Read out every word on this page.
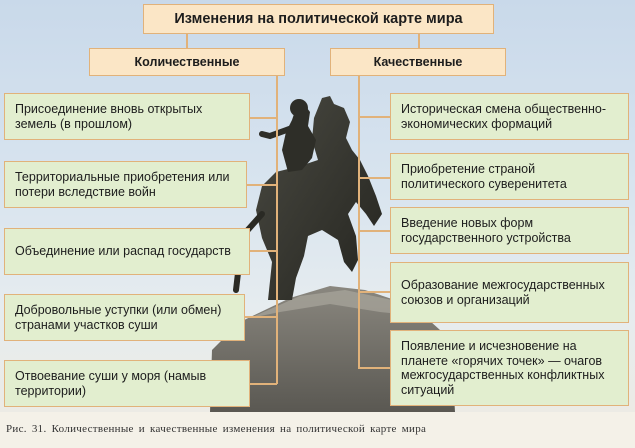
Изменения на политической карте мира
Количественные	Качественные
Присоединение вновь открытых земель (в прошлом)
Территориальные приобретения или потери вследствие войн
Объединение или распад государств
Добровольные уступки (или обмен) странами участков суши
Отвоевание суши у моря (намыв территории)
Историческая смена общественно-экономических формаций
Приобретение страной политического суверенитета
Введение новых форм государственного устройства
Образование межгосударственных союзов и организаций
Появление и исчезновение на планете «горячих точек» — очагов межгосударственных конфликтных ситуаций
Рис. 31. Количественные и качественные изменения на политической карте мира
